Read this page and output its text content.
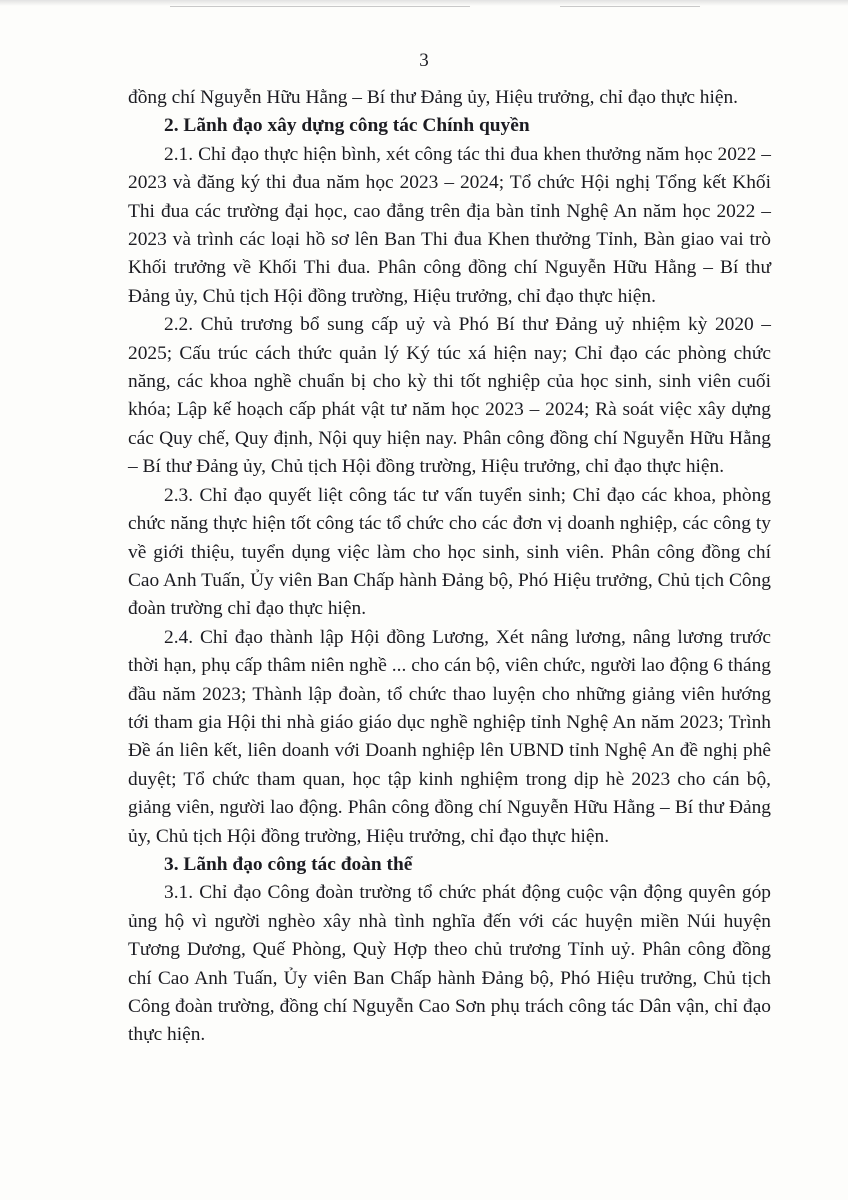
3

đồng chí Nguyễn Hữu Hằng – Bí thư Đảng ủy, Hiệu trưởng, chỉ đạo thực hiện.

2. Lãnh đạo xây dựng công tác Chính quyền

2.1. Chỉ đạo thực hiện bình, xét công tác thi đua khen thưởng năm học 2022 – 2023 và đăng ký thi đua năm học 2023 – 2024; Tổ chức Hội nghị Tổng kết Khối Thi đua các trường đại học, cao đẳng trên địa bàn tỉnh Nghệ An năm học 2022 – 2023 và trình các loại hồ sơ lên Ban Thi đua Khen thưởng Tỉnh, Bàn giao vai trò Khối trưởng về Khối Thi đua. Phân công đồng chí Nguyễn Hữu Hằng – Bí thư Đảng ủy, Chủ tịch Hội đồng trường, Hiệu trưởng, chỉ đạo thực hiện.

2.2. Chủ trương bổ sung cấp uỷ và Phó Bí thư Đảng uỷ nhiệm kỳ 2020 – 2025; Cấu trúc cách thức quản lý Ký túc xá hiện nay; Chỉ đạo các phòng chức năng, các khoa nghề chuẩn bị cho kỳ thi tốt nghiệp của học sinh, sinh viên cuối khóa; Lập kế hoạch cấp phát vật tư năm học 2023 – 2024; Rà soát việc xây dựng các Quy chế, Quy định, Nội quy hiện nay. Phân công đồng chí Nguyễn Hữu Hằng – Bí thư Đảng ủy, Chủ tịch Hội đồng trường, Hiệu trưởng, chỉ đạo thực hiện.

2.3. Chỉ đạo quyết liệt công tác tư vấn tuyển sinh; Chỉ đạo các khoa, phòng chức năng thực hiện tốt công tác tổ chức cho các đơn vị doanh nghiệp, các công ty về giới thiệu, tuyển dụng việc làm cho học sinh, sinh viên. Phân công đồng chí Cao Anh Tuấn, Ủy viên Ban Chấp hành Đảng bộ, Phó Hiệu trưởng, Chủ tịch Công đoàn trường chỉ đạo thực hiện.

2.4. Chỉ đạo thành lập Hội đồng Lương, Xét nâng lương, nâng lương trước thời hạn, phụ cấp thâm niên nghề ... cho cán bộ, viên chức, người lao động 6 tháng đầu năm 2023; Thành lập đoàn, tổ chức thao luyện cho những giảng viên hướng tới tham gia Hội thi nhà giáo giáo dục nghề nghiệp tỉnh Nghệ An năm 2023; Trình Đề án liên kết, liên doanh với Doanh nghiệp lên UBND tỉnh Nghệ An đề nghị phê duyệt; Tổ chức tham quan, học tập kinh nghiệm trong dịp hè 2023 cho cán bộ, giảng viên, người lao động. Phân công đồng chí Nguyễn Hữu Hằng – Bí thư Đảng ủy, Chủ tịch Hội đồng trường, Hiệu trưởng, chỉ đạo thực hiện.

3. Lãnh đạo công tác đoàn thể

3.1. Chỉ đạo Công đoàn trường tổ chức phát động cuộc vận động quyên góp ủng hộ vì người nghèo xây nhà tình nghĩa đến với các huyện miền Núi huyện Tương Dương, Quế Phòng, Quỳ Hợp theo chủ trương Tỉnh uỷ. Phân công đồng chí Cao Anh Tuấn, Ủy viên Ban Chấp hành Đảng bộ, Phó Hiệu trưởng, Chủ tịch Công đoàn trường, đồng chí Nguyễn Cao Sơn phụ trách công tác Dân vận, chỉ đạo thực hiện.
